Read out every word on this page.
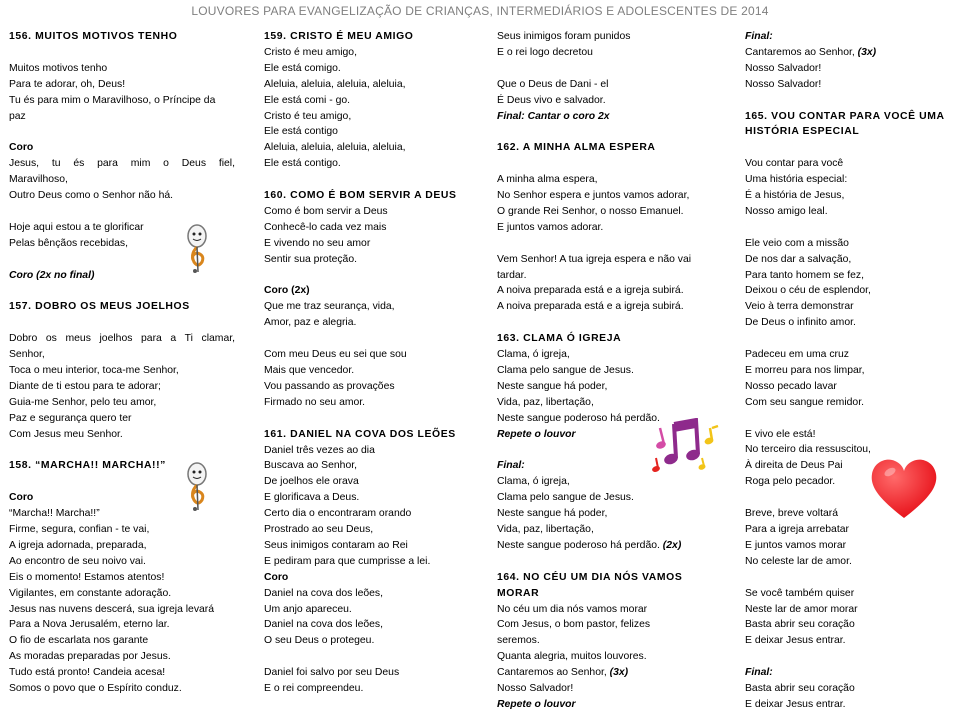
LOUVORES PARA EVANGELIZAÇÃO DE CRIANÇAS, INTERMEDIÁRIOS E ADOLESCENTES DE 2014
156. MUITOS MOTIVOS TENHO
Muitos motivos tenho
Para te adorar, oh, Deus!
Tu és para mim o Maravilhoso, o Príncipe da
paz
Coro
Jesus, tu és para mim o Deus fiel,
Maravilhoso,
Outro Deus como o Senhor não há.
Hoje aqui estou a te glorificar
Pelas bênçãos recebidas,
Coro (2x no final)
157. DOBRO OS MEUS JOELHOS
Dobro os meus joelhos para a Ti clamar,
Senhor,
Toca o meu interior, toca-me Senhor,
Diante de ti estou para te adorar;
Guia-me Senhor, pelo teu amor,
Paz e segurança quero ter
Com Jesus meu Senhor.
158. “MARCHA!! MARCHA!!”
Coro
“Marcha!! Marcha!!”
Firme, segura, confian - te vai,
A igreja adornada, preparada,
Ao encontro de seu noivo vai.
Eis o momento! Estamos atentos!
Vigilantes, em constante adoração.
Jesus nas nuvens descerá, sua igreja levará
Para a Nova Jerusalém, eterno lar.
O fio de escarlata nos garante
As moradas preparadas por Jesus.
Tudo está pronto! Candeia acesa!
Somos o povo que o Espírito conduz.
159. CRISTO É MEU AMIGO
Cristo é meu amigo,
Ele está comigo.
Aleluia, aleluia, aleluia, aleluia,
Ele está comi - go.
Cristo é teu amigo,
Ele está contigo
Aleluia, aleluia, aleluia, aleluia,
Ele está contigo.
160. COMO É BOM SERVIR A DEUS
Como é bom servir a Deus
Conhecê-lo cada vez mais
E vivendo no seu amor
Sentir sua proteção.
Coro (2x)
Que me traz seurança, vida,
Amor, paz e alegria.
Com meu Deus eu sei que sou
Mais que vencedor.
Vou passando as provações
Firmado no seu amor.
161. DANIEL NA COVA DOS LEÕES
Daniel três vezes ao dia
Buscava ao Senhor,
De joelhos ele orava
E glorificava a Deus.
Certo dia o encontraram orando
Prostrado ao seu Deus,
Seus inimigos contaram ao Rei
E pediram para que cumprisse a lei.
Coro
Daniel na cova dos leões,
Um anjo apareceu.
Daniel na cova dos leões,
O seu Deus o protegeu.
Daniel foi salvo por seu Deus
E o rei compreendeu.
Seus inimigos foram punidos
E o rei logo decretou
Que o Deus de Dani - el
É Deus vivo e salvador.
Final: Cantar o coro 2x
162. A MINHA ALMA ESPERA
A minha alma espera,
No Senhor espera e juntos vamos adorar,
O grande Rei Senhor, o nosso Emanuel.
E juntos vamos adorar.
Vem Senhor! A tua igreja espera e não vai
tardar.
A noiva preparada está e a igreja subirá.
A noiva preparada está e a igreja subirá.
163. CLAMA Ó IGREJA
Clama, ó igreja,
Clama pelo sangue de Jesus.
Neste sangue há poder,
Vida, paz, libertação,
Neste sangue poderoso há perdão.
Repete o louvor
Final:
Clama, ó igreja,
Clama pelo sangue de Jesus.
Neste sangue há poder,
Vida, paz, libertação,
Neste sangue poderoso há perdão. (2x)
164. NO CÉU UM DIA NÓS VAMOS
MORAR
No céu um dia nós vamos morar
Com Jesus, o bom pastor, felizes
seremos.
Quanta alegria, muitos louvores.
Cantaremos ao Senhor, (3x)
Nosso Salvador!
Repete o louvor
Final:
Cantaremos ao Senhor, (3x)
Nosso Salvador!
Nosso Salvador!
165. VOU CONTAR PARA VOCÊ UMA
HISTÓRIA ESPECIAL
Vou contar para você
Uma história especial:
É a história de Jesus,
Nosso amigo leal.
Ele veio com a missão
De nos dar a salvação,
Para tanto homem se fez,
Deixou o céu de esplendor,
Veio à terra demonstrar
De Deus o infinito amor.
Padeceu em uma cruz
E morreu para nos limpar,
Nosso pecado lavar
Com seu sangue remidor.
E vivo ele está!
No terceiro dia ressuscitou,
À direita de Deus Pai
Roga pelo pecador.
Breve, breve voltará
Para a igreja arrebatar
E juntos vamos morar
No celeste lar de amor.
Se você também quiser
Neste lar de amor morar
Basta abrir seu coração
E deixar Jesus entrar.
Final:
Basta abrir seu coração
E deixar Jesus entrar.
